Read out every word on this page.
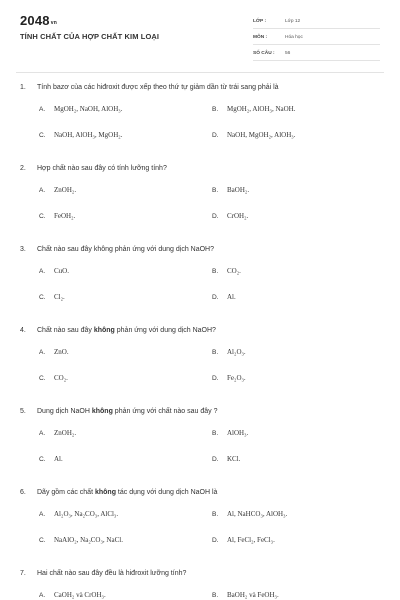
2048vn
TÍNH CHẤT CỦA HỢP CHẤT KIM LOẠI
LỚP :	Lớp 12
MÔN :	Hóa học
SỐ CÂU : 56
1. Tính bazơ của các hiđroxit được xếp theo thứ tự giảm dần từ trái sang phải là
A. MgOH₂, NaOH, AlOH₃.	B. MgOH₂, AlOH₃, NaOH.
C. NaOH, AlOH₃, MgOH₂.	D. NaOH, MgOH₂, AlOH₃.
2. Hợp chất nào sau đây có tính lưỡng tính?
A. ZnOH₂.	B. BaOH₂.
C. FeOH₂.	D. CrOH₂.
3. Chất nào sau đây không phản ứng với dung dịch NaOH?
A. CuO.	B. CO₂.
C. Cl₂.	D. Al.
4. Chất nào sau đây không phản ứng với dung dịch NaOH?
A. ZnO.	B. Al₂O₃.
C. CO₂.	D. Fe₂O₃.
5. Dung dịch NaOH không phản ứng với chất nào sau đây ?
A. ZnOH₂.	B. AlOH₃.
C. Al.	D. KCl.
6. Dãy gồm các chất không tác dụng với dung dịch NaOH là
A. Al₂O₃, Na₂CO₃, AlCl₃.	B. Al, NaHCO₃, AlOH₃.
C. NaAlO₂, Na₂CO₃, NaCl.	D. Al, FeCl₂, FeCl₃.
7. Hai chất nào sau đây đều là hiđroxit lưỡng tính?
A. CaOH₂ và CrOH₃.	B. BaOH₂ và FeOH₃.
